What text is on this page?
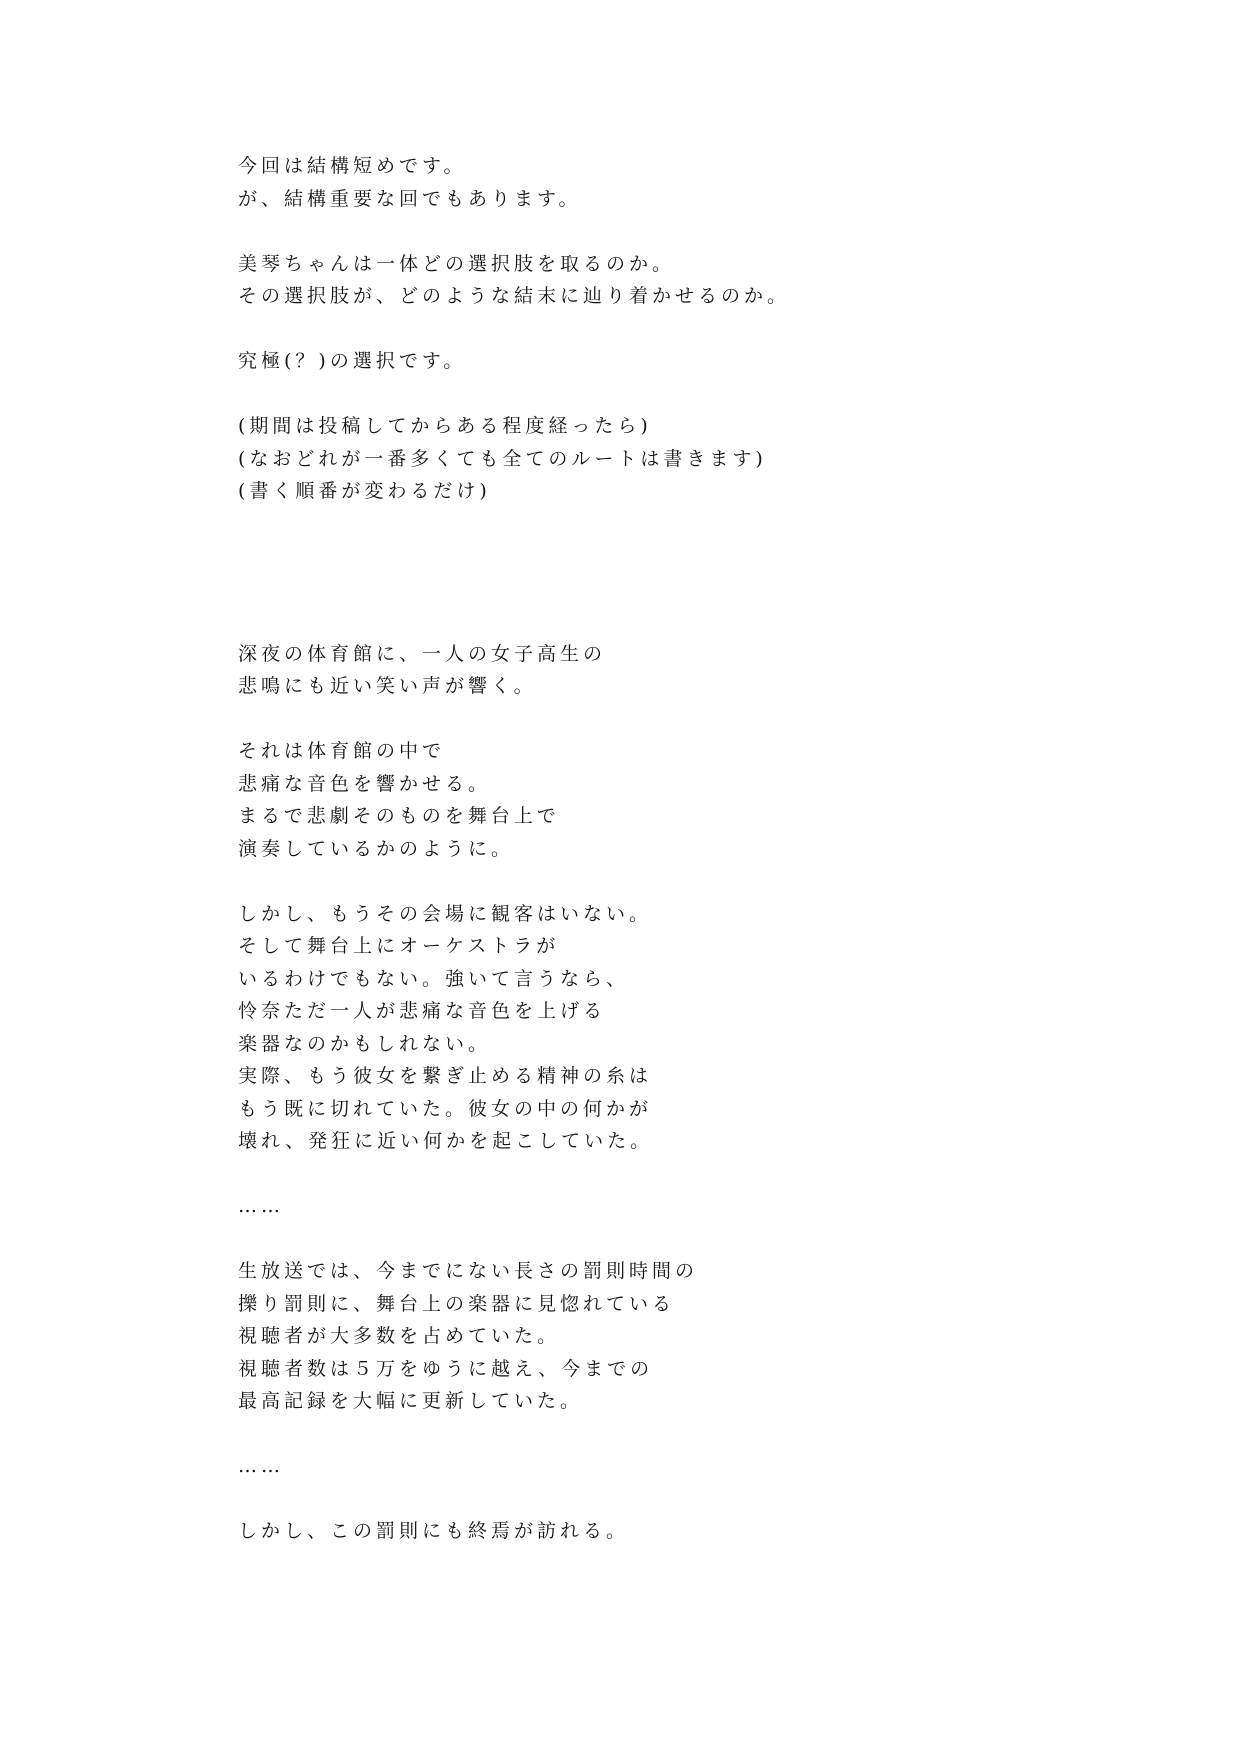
今回は結構短めです。

が、結構重要な回でもあります。

美琴ちゃんは一体どの選択肢を取るのか。

その選択肢が、どのような結末に辿り着かせるのか。

究極(？)の選択です。

(期間は投稿してからある程度経ったら)

(なおどれが一番多くても全てのルートは書きます)

(書く順番が変わるだけ)

深夜の体育館に、一人の女子高生の

悲鳴にも近い笑い声が響く。

それは体育館の中で

悲痛な音色を響かせる。

まるで悲劇そのものを舞台上で

演奏しているかのように。

しかし、もうその会場に観客はいない。

そして舞台上にオーケストラが

いるわけでもない。強いて言うなら、

怜奈ただ一人が悲痛な音色を上げる

楽器なのかもしれない。

実際、もう彼女を繋ぎ止める精神の糸は

もう既に切れていた。彼女の中の何かが

壊れ、発狂に近い何かを起こしていた。

……

生放送では、今までにない長さの罰則時間の

擽り罰則に、舞台上の楽器に見惚れている

視聴者が大多数を占めていた。

視聴者数は５万をゆうに越え、今までの

最高記録を大幅に更新していた。

……

しかし、この罰則にも終焉が訪れる。
